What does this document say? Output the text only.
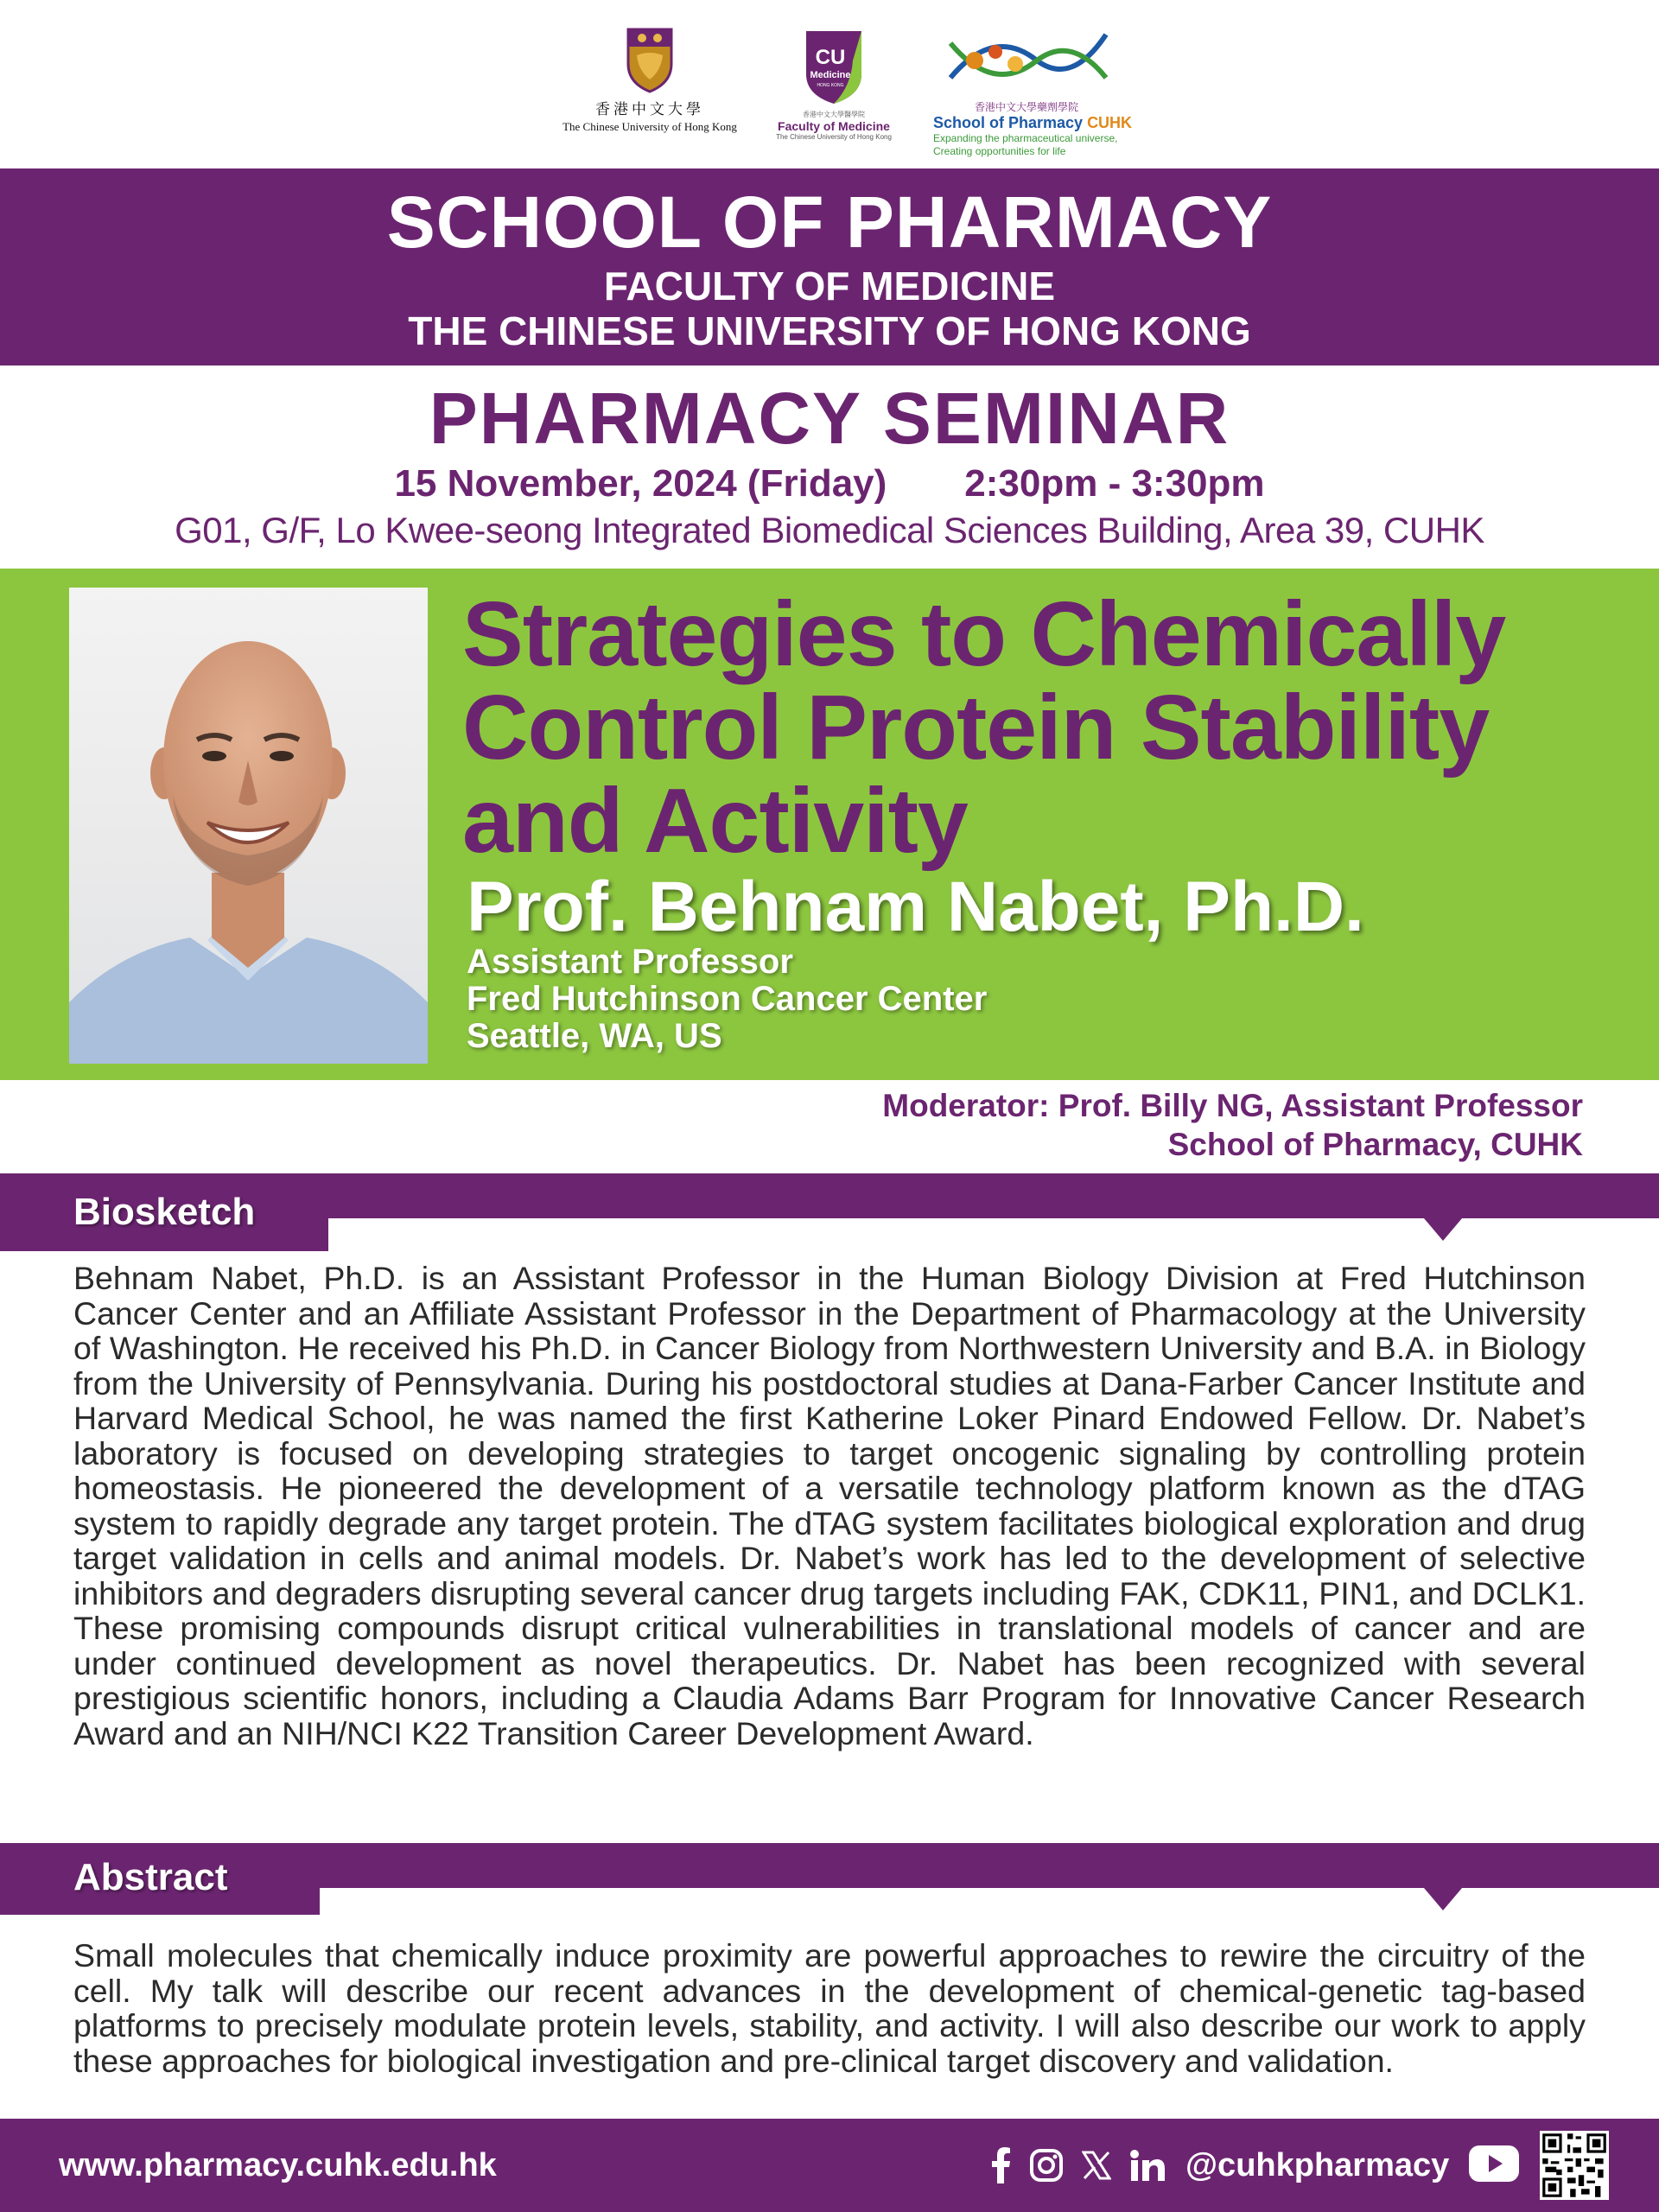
香港中文大學
The Chinese University of Hong Kong
CU
Medicine
HONG KONG
香港中文大學醫學院
Faculty of Medicine
The Chinese University of Hong Kong
香港中文大學藥劑學院
School of Pharmacy CUHK
Expanding the pharmaceutical universe,
Creating opportunities for life
SCHOOL OF PHARMACY
FACULTY OF MEDICINE
THE CHINESE UNIVERSITY OF HONG KONG
PHARMACY SEMINAR
15 November, 2024 (Friday) 2:30pm - 3:30pm
G01, G/F, Lo Kwee-seong Integrated Biomedical Sciences Building, Area 39, CUHK
Strategies to Chemically
Control Protein Stability
and Activity
Prof. Behnam Nabet, Ph.D.
Assistant Professor
Fred Hutchinson Cancer Center
Seattle, WA, US
Moderator: Prof. Billy NG, Assistant Professor
School of Pharmacy, CUHK
Biosketch
Behnam Nabet, Ph.D. is an Assistant Professor in the Human Biology Division at Fred Hutchinson Cancer Center and an Affiliate Assistant Professor in the Department of Pharmacology at the University of Washington. He received his Ph.D. in Cancer Biology from Northwestern University and B.A. in Biology from the University of Pennsylvania. During his postdoctoral studies at Dana-Farber Cancer Institute and Harvard Medical School, he was named the first Katherine Loker Pinard Endowed Fellow. Dr. Nabet’s laboratory is focused on developing strategies to target oncogenic signaling by controlling protein homeostasis. He pioneered the development of a versatile technology platform known as the dTAG system to rapidly degrade any target protein. The dTAG system facilitates biological exploration and drug target validation in cells and animal models. Dr. Nabet’s work has led to the development of selective inhibitors and degraders disrupting several cancer drug targets including FAK, CDK11, PIN1, and DCLK1. These promising compounds disrupt critical vulnerabilities in translational models of cancer and are under continued development as novel therapeutics. Dr. Nabet has been recognized with several prestigious scientific honors, including a Claudia Adams Barr Program for Innovative Cancer Research Award and an NIH/NCI K22 Transition Career Development Award.
Abstract
Small molecules that chemically induce proximity are powerful approaches to rewire the circuitry of the cell. My talk will describe our recent advances in the development of chemical-genetic tag-based platforms to precisely modulate protein levels, stability, and activity. I will also describe our work to apply these approaches for biological investigation and pre-clinical target discovery and validation.
www.pharmacy.cuhk.edu.hk	@cuhkpharmacy
